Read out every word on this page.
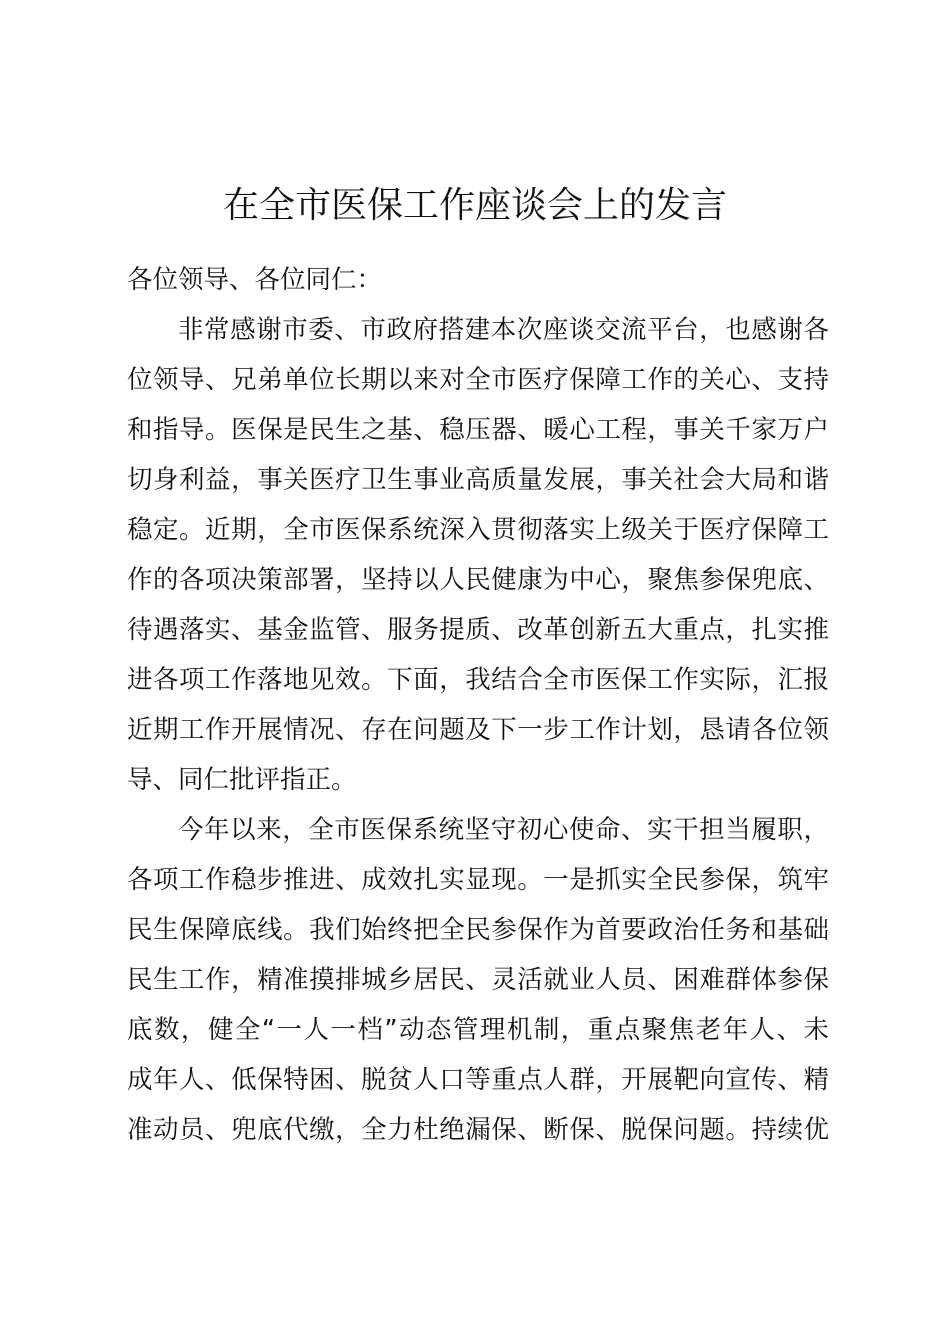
在全市医保工作座谈会上的发言
各位领导、各位同仁：
非常感谢市委、市政府搭建本次座谈交流平台，也感谢各
位领导、兄弟单位长期以来对全市医疗保障工作的关心、支持
和指导。医保是民生之基、稳压器、暖心工程，事关千家万户
切身利益，事关医疗卫生事业高质量发展，事关社会大局和谐
稳定。近期，全市医保系统深入贯彻落实上级关于医疗保障工
作的各项决策部署，坚持以人民健康为中心，聚焦参保兜底、
待遇落实、基金监管、服务提质、改革创新五大重点，扎实推
进各项工作落地见效。下面，我结合全市医保工作实际，汇报
近期工作开展情况、存在问题及下一步工作计划，恳请各位领
导、同仁批评指正。
今年以来，全市医保系统坚守初心使命、实干担当履职，
各项工作稳步推进、成效扎实显现。一是抓实全民参保，筑牢
民生保障底线。我们始终把全民参保作为首要政治任务和基础
民生工作，精准摸排城乡居民、灵活就业人员、困难群体参保
底数，健全“一人一档”动态管理机制，重点聚焦老年人、未
成年人、低保特困、脱贫人口等重点人群，开展靶向宣传、精
准动员、兜底代缴，全力杜绝漏保、断保、脱保问题。持续优
